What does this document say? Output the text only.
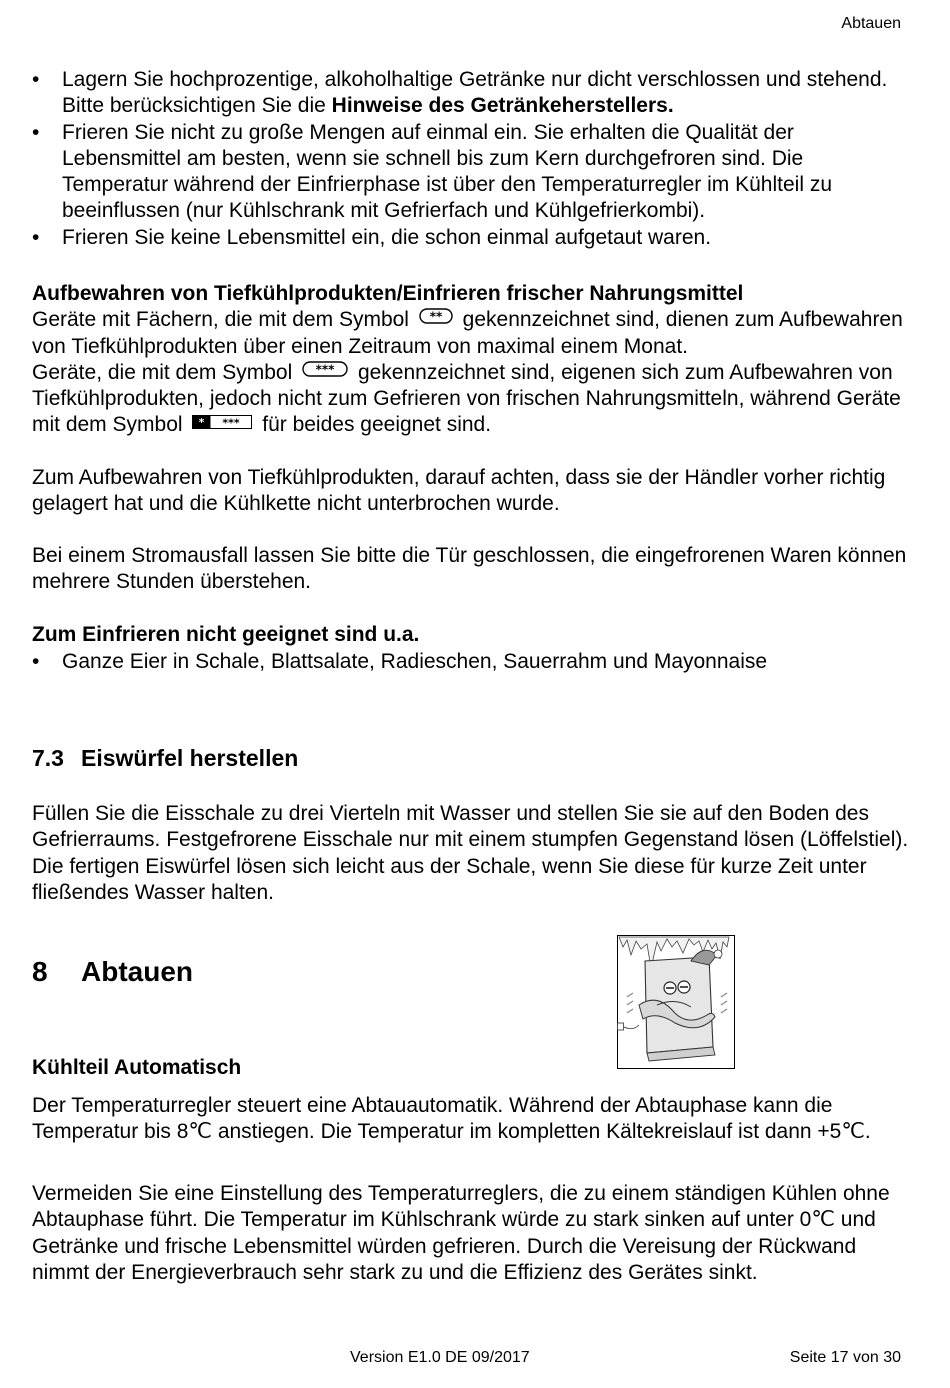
Abtauen
• Lagern Sie hochprozentige, alkoholhaltige Getränke nur dicht verschlossen und stehend. Bitte berücksichtigen Sie die Hinweise des Getränkeherstellers.
• Frieren Sie nicht zu große Mengen auf einmal ein. Sie erhalten die Qualität der Lebensmittel am besten, wenn sie schnell bis zum Kern durchgefroren sind. Die Temperatur während der Einfrierphase ist über den Temperaturregler im Kühlteil zu beeinflussen (nur Kühlschrank mit Gefrierfach und Kühlgefrierkombi).
• Frieren Sie keine Lebensmittel ein, die schon einmal aufgetaut waren.
Aufbewahren von Tiefkühlprodukten/Einfrieren frischer Nahrungsmittel
Geräte mit Fächern, die mit dem Symbol ** gekennzeichnet sind, dienen zum Aufbewahren von Tiefkühlprodukten über einen Zeitraum von maximal einem Monat.
Geräte, die mit dem Symbol *** gekennzeichnet sind, eigenen sich zum Aufbewahren von Tiefkühlprodukten, jedoch nicht zum Gefrieren von frischen Nahrungsmitteln, während Geräte mit dem Symbol * *** für beides geeignet sind.

Zum Aufbewahren von Tiefkühlprodukten, darauf achten, dass sie der Händler vorher richtig gelagert hat und die Kühlkette nicht unterbrochen wurde.

Bei einem Stromausfall lassen Sie bitte die Tür geschlossen, die eingefrorenen Waren können mehrere Stunden überstehen.

Zum Einfrieren nicht geeignet sind u.a.
• Ganze Eier in Schale, Blattsalate, Radieschen, Sauerrahm und Mayonnaise
7.3 Eiswürfel herstellen

Füllen Sie die Eisschale zu drei Vierteln mit Wasser und stellen Sie sie auf den Boden des Gefrierraums. Festgefrorene Eisschale nur mit einem stumpfen Gegenstand lösen (Löffelstiel). Die fertigen Eiswürfel lösen sich leicht aus der Schale, wenn Sie diese für kurze Zeit unter fließendes Wasser halten.

8 Abtauen
Kühlteil Automatisch

Der Temperaturregler steuert eine Abtauautomatik. Während der Abtauphase kann die Temperatur bis 8℃ anstiegen. Die Temperatur im kompletten Kältekreislauf ist dann +5℃.

Vermeiden Sie eine Einstellung des Temperaturreglers, die zu einem ständigen Kühlen ohne Abtauphase führt. Die Temperatur im Kühlschrank würde zu stark sinken auf unter 0℃ und Getränke und frische Lebensmittel würden gefrieren. Durch die Vereisung der Rückwand nimmt der Energieverbrauch sehr stark zu und die Effizienz des Gerätes sinkt.

Version E1.0 DE 09/2017	Seite 17 von 30
